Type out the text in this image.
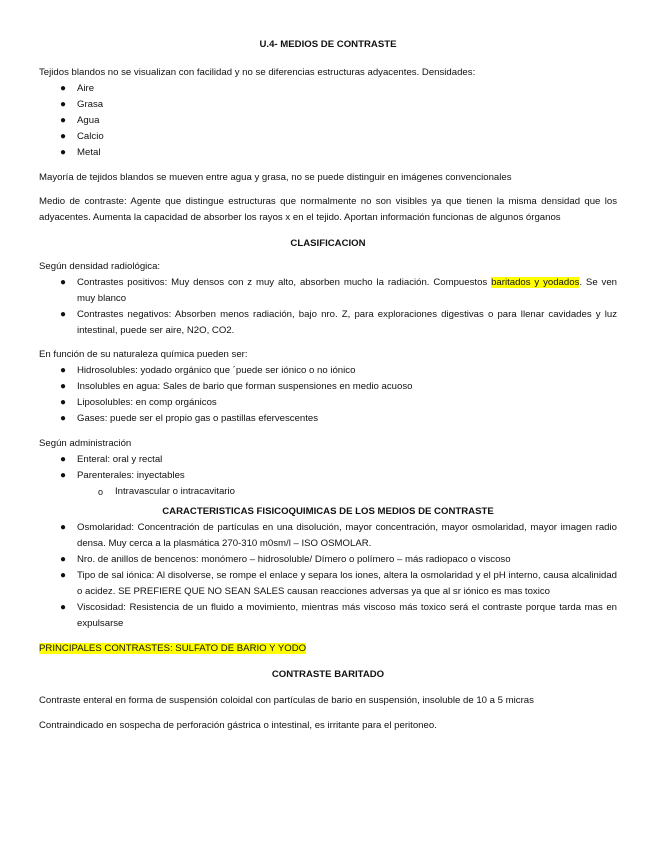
U.4- MEDIOS DE CONTRASTE

Tejidos blandos no se visualizan con facilidad y no se diferencias estructuras adyacentes. Densidades:

● Aire
● Grasa
● Agua
● Calcio
● Metal

Mayoría de tejidos blandos se mueven entre agua y grasa, no se puede distinguir en imágenes convencionales

Medio de contraste: Agente que distingue estructuras que normalmente no son visibles ya que tienen la misma densidad que los adyacentes. Aumenta la capacidad de absorber los rayos x en el tejido. Aportan información funcionas de algunos órganos

CLASIFICACION

Según densidad radiológica:

● Contrastes positivos: Muy densos con z muy alto, absorben mucho la radiación. Compuestos baritados y yodados. Se ven muy blanco
● Contrastes negativos: Absorben menos radiación, bajo nro. Z, para exploraciones digestivas o para llenar cavidades y luz intestinal, puede ser aire, N2O, CO2.

En función de su naturaleza química pueden ser:

● Hidrosolubles: yodado orgánico que ´puede ser iónico o no iónico
● Insolubles en agua: Sales de bario que forman suspensiones en medio acuoso
● Liposolubles: en comp orgánicos
● Gases: puede ser el propio gas o pastillas efervescentes

Según administración

● Enteral: oral y rectal
● Parenterales: inyectables
o Intravascular o intracavitario

CARACTERISTICAS FISICOQUIMICAS DE LOS MEDIOS DE CONTRASTE

● Osmolaridad: Concentración de partículas en una disolución, mayor concentración, mayor osmolaridad, mayor imagen radio densa. Muy cerca a la plasmática 270-310 m0sm/l – ISO OSMOLAR.
● Nro. de anillos de bencenos: monómero – hidrosoluble/ Dímero o polímero – más radiopaco o viscoso
● Tipo de sal iónica: Al disolverse, se rompe el enlace y separa los iones, altera la osmolaridad y el pH interno, causa alcalinidad o acidez. SE PREFIERE QUE NO SEAN SALES causan reacciones adversas ya que al sr iónico es mas toxico
● Viscosidad: Resistencia de un fluido a movimiento, mientras más viscoso más toxico será el contraste porque tarda mas en expulsarse

PRINCIPALES CONTRASTES: SULFATO DE BARIO Y YODO

CONTRASTE BARITADO

Contraste enteral en forma de suspensión coloidal con partículas de bario en suspensión, insoluble de 10 a 5 micras

Contraindicado en sospecha de perforación gástrica o intestinal, es irritante para el peritoneo.
